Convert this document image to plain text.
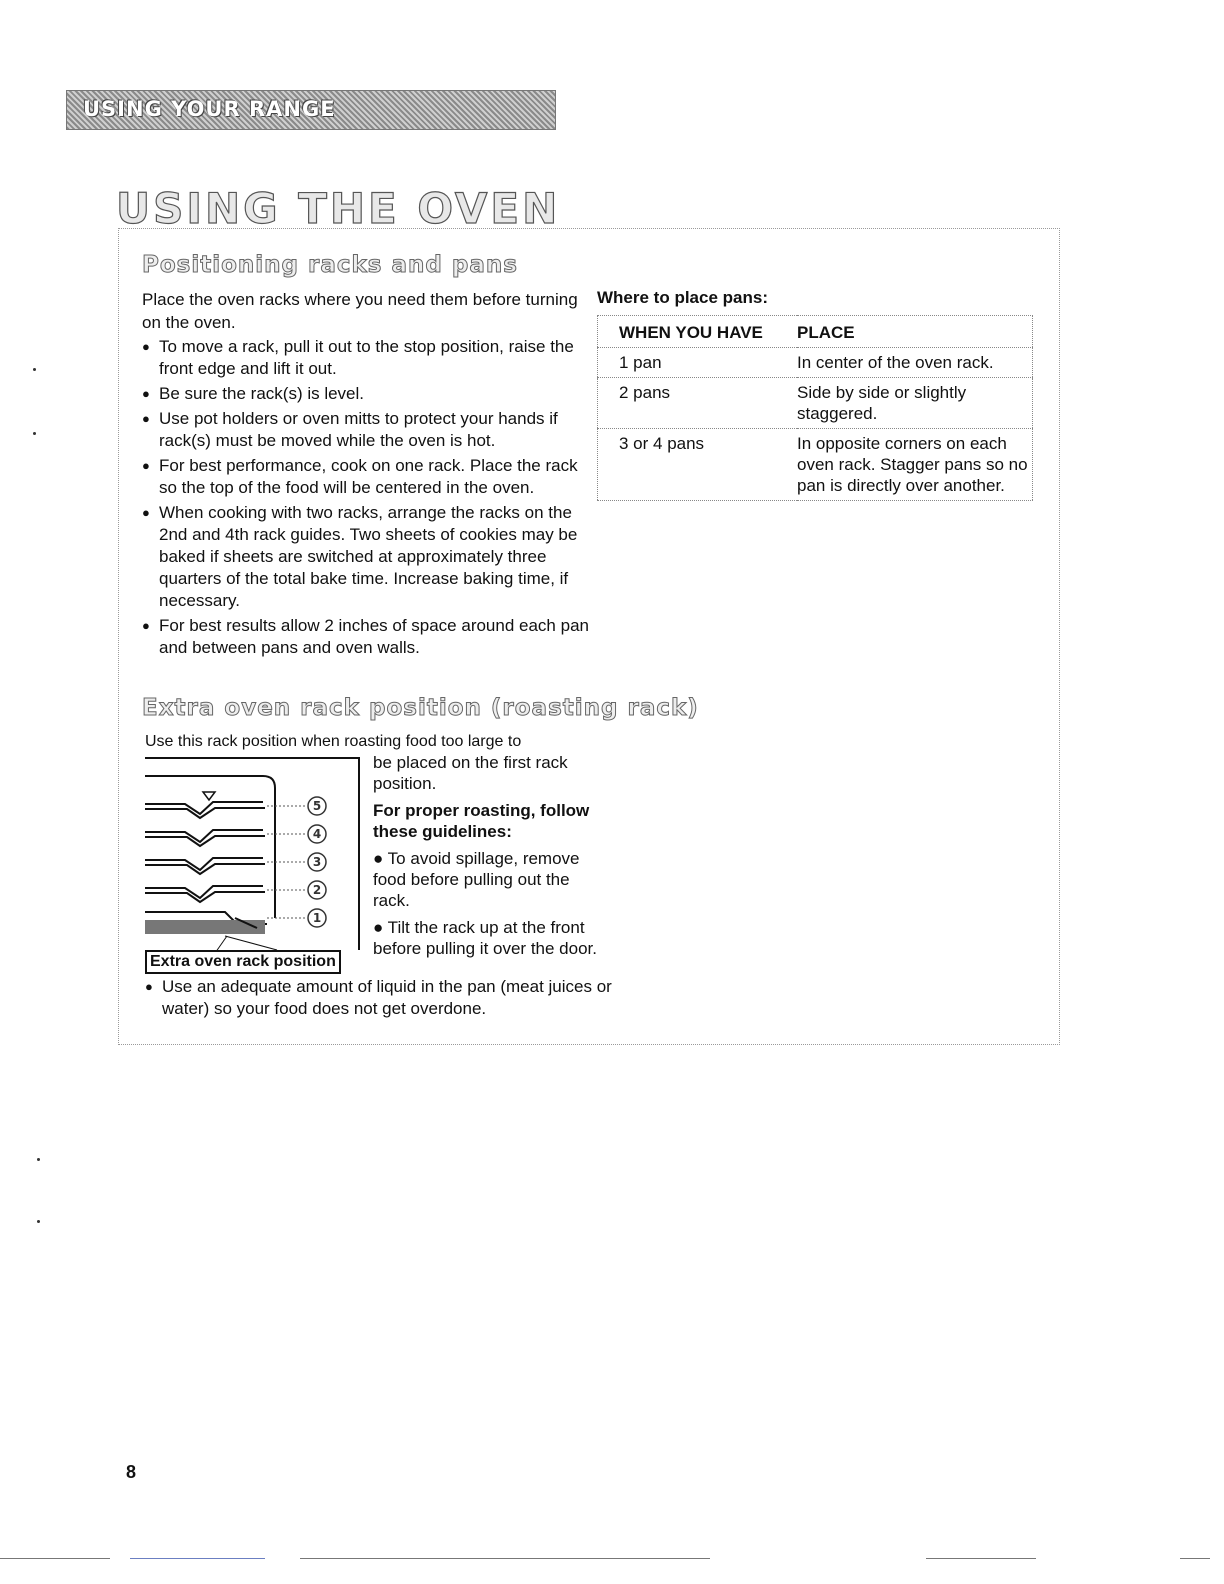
USING YOUR RANGE
USING THE OVEN
Positioning racks and pans
Place the oven racks where you need them before turning on the oven.
● To move a rack, pull it out to the stop position, raise the front edge and lift it out.
● Be sure the rack(s) is level.
● Use pot holders or oven mitts to protect your hands if rack(s) must be moved while the oven is hot.
● For best performance, cook on one rack. Place the rack so the top of the food will be centered in the oven.
● When cooking with two racks, arrange the racks on the 2nd and 4th rack guides. Two sheets of cookies may be baked if sheets are switched at approximately three quarters of the total bake time. Increase baking time, if necessary.
● For best results allow 2 inches of space around each pan and between pans and oven walls.
Where to place pans:
WHEN YOU HAVE	PLACE
1 pan	In center of the oven rack.
2 pans	Side by side or slightly staggered.
3 or 4 pans	In opposite corners on each oven rack. Stagger pans so no pan is directly over another.
Extra oven rack position (roasting rack)
Use this rack position when roasting food too large to
5
4
3
2
1
Extra oven rack position

be placed on the first rack position.

For proper roasting, follow these guidelines:

● To avoid spillage, remove food before pulling out the rack.

● Tilt the rack up at the front before pulling it over the door.

● Use an adequate amount of liquid in the pan (meat juices or water) so your food does not get overdone.
8
